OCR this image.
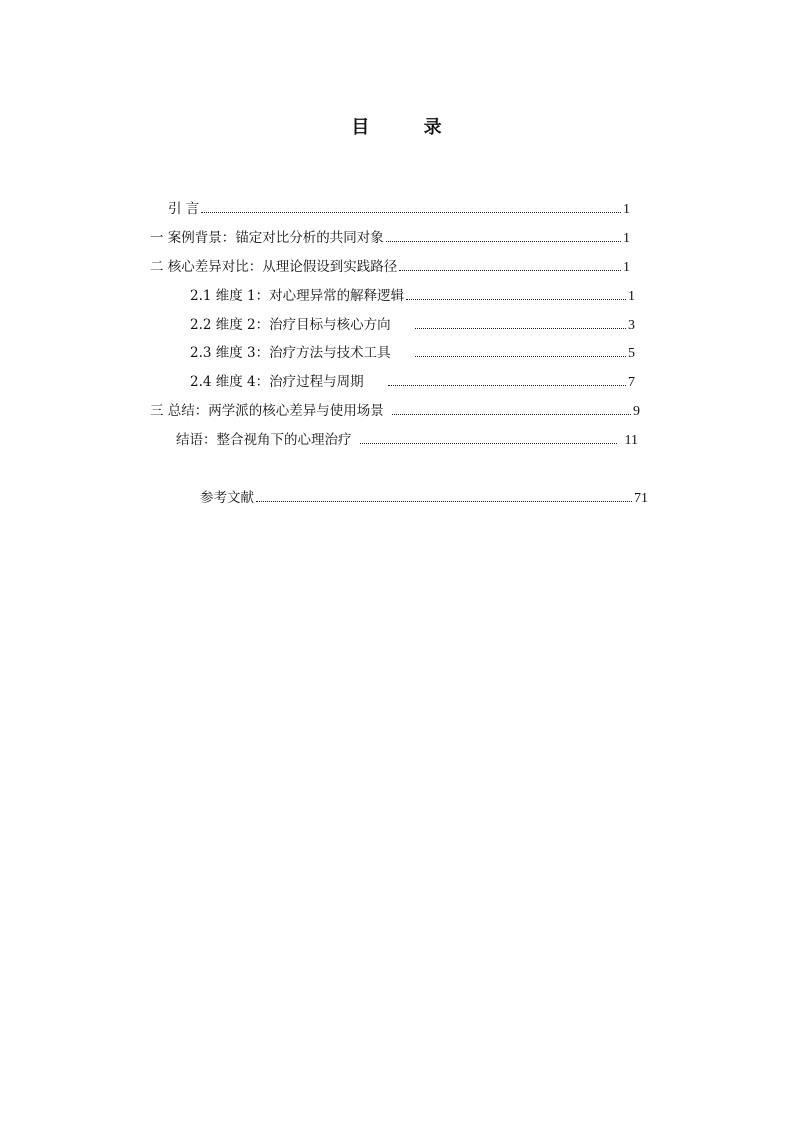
目 录
引 言	1
一 案例背景：锚定对比分析的共同对象	1
二 核心差异对比：从理论假设到实践路径	1
2.1 维度 1：对心理异常的解释逻辑	1
2.2 维度 2：治疗目标与核心方向	3
2.3 维度 3：治疗方法与技术工具	5
2.4 维度 4：治疗过程与周期	7
三 总结：两学派的核心差异与使用场景	9
结语：整合视角下的心理治疗	11
参考文献	71
